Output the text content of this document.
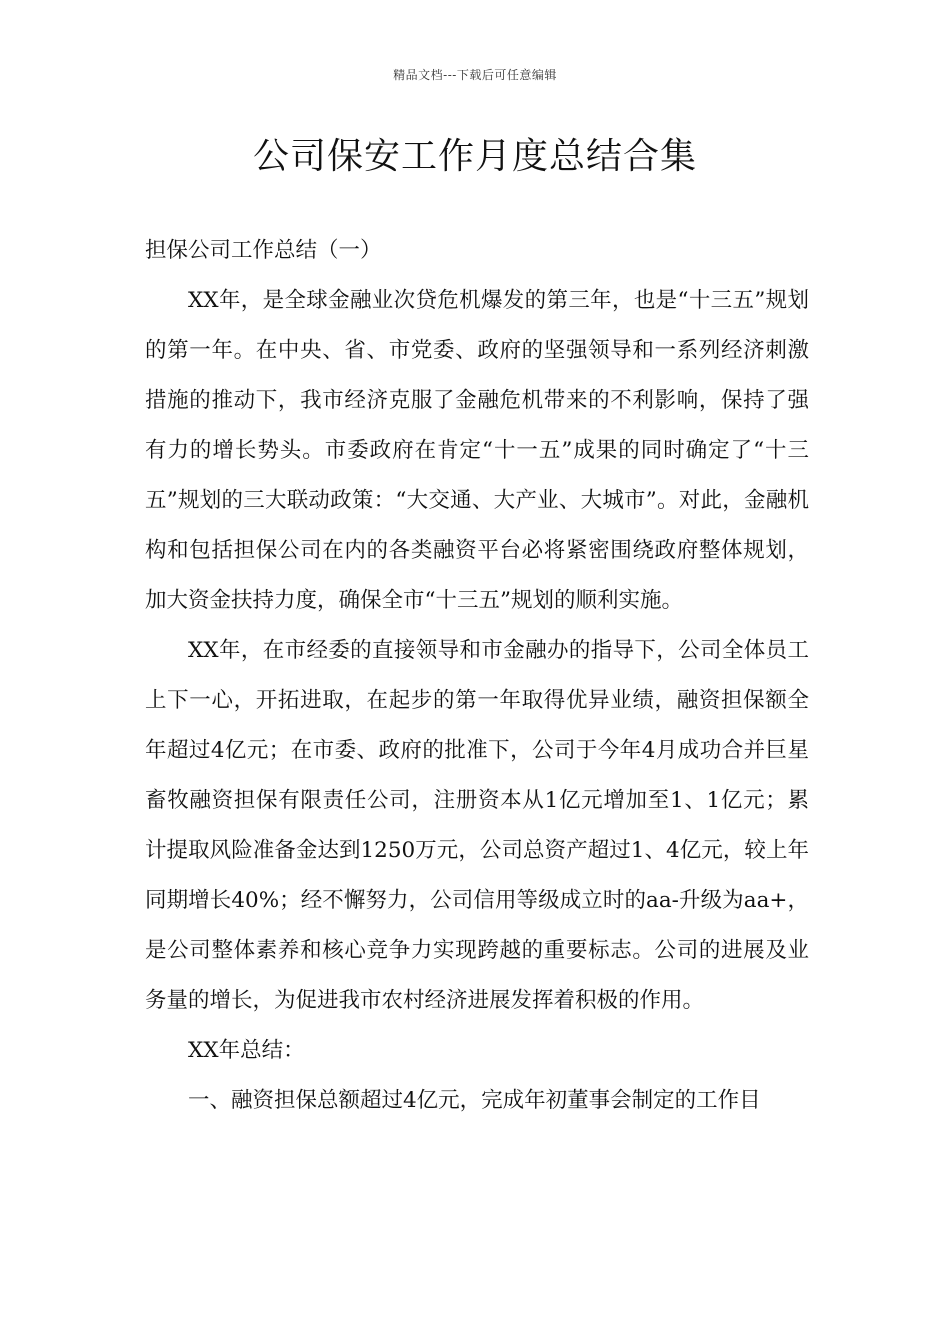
精品文档---下载后可任意编辑
公司保安工作月度总结合集

担保公司工作总结（一）

XX年，是全球金融业次贷危机爆发的第三年，也是“十三五”规划的第一年。在中央、省、市党委、政府的坚强领导和一系列经济刺激措施的推动下，我市经济克服了金融危机带来的不利影响，保持了强有力的增长势头。市委政府在肯定“十一五”成果的同时确定了“十三五”规划的三大联动政策：“大交通、大产业、大城市”。对此，金融机构和包括担保公司在内的各类融资平台必将紧密围绕政府整体规划，加大资金扶持力度，确保全市“十三五”规划的顺利实施。

XX年，在市经委的直接领导和市金融办的指导下，公司全体员工上下一心，开拓进取，在起步的第一年取得优异业绩，融资担保额全年超过4亿元；在市委、政府的批准下，公司于今年4月成功合并巨星畜牧融资担保有限责任公司，注册资本从1亿元增加至1、1亿元；累计提取风险准备金达到1250万元，公司总资产超过1、4亿元，较上年同期增长40%；经不懈努力，公司信用等级成立时的aa-升级为aa+，是公司整体素养和核心竞争力实现跨越的重要标志。公司的进展及业务量的增长，为促进我市农村经济进展发挥着积极的作用。

XX年总结：

一、融资担保总额超过4亿元，完成年初董事会制定的工作目
